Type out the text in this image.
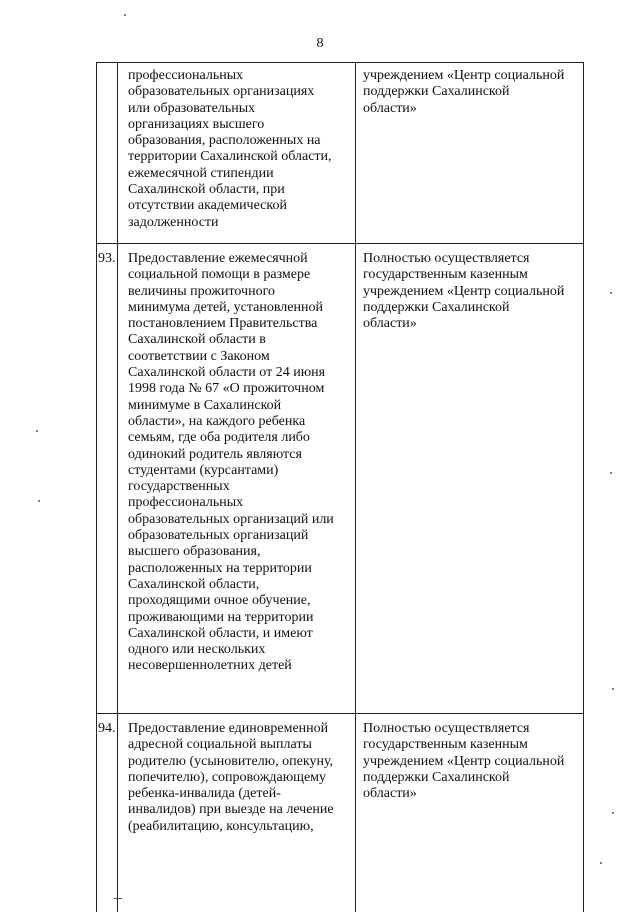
8
профессиональных
образовательных организациях
или образовательных
организациях высшего
образования, расположенных на
территории Сахалинской области,
ежемесячной стипендии
Сахалинской области, при
отсутствии академической
задолженности
учреждением «Центр социальной
поддержки Сахалинской
области»
93. Предоставление ежемесячной
социальной помощи в размере
величины прожиточного
минимума детей, установленной
постановлением Правительства
Сахалинской области в
соответствии с Законом
Сахалинской области от 24 июня
1998 года № 67 «О прожиточном
минимуме в Сахалинской
области», на каждого ребенка
семьям, где оба родителя либо
одинокий родитель являются
студентами (курсантами)
государственных
профессиональных
образовательных организаций или
образовательных организаций
высшего образования,
расположенных на территории
Сахалинской области,
проходящими очное обучение,
проживающими на территории
Сахалинской области, и имеют
одного или нескольких
несовершеннолетних детей
Полностью осуществляется
государственным казенным
учреждением «Центр социальной
поддержки Сахалинской
области»
94. Предоставление единовременной
адресной социальной выплаты
родителю (усыновителю, опекуну,
попечителю), сопровождающему
ребенка-инвалида (детей-
инвалидов) при выезде на лечение
(реабилитацию, консультацию,
Полностью осуществляется
государственным казенным
учреждением «Центр социальной
поддержки Сахалинской
области»
